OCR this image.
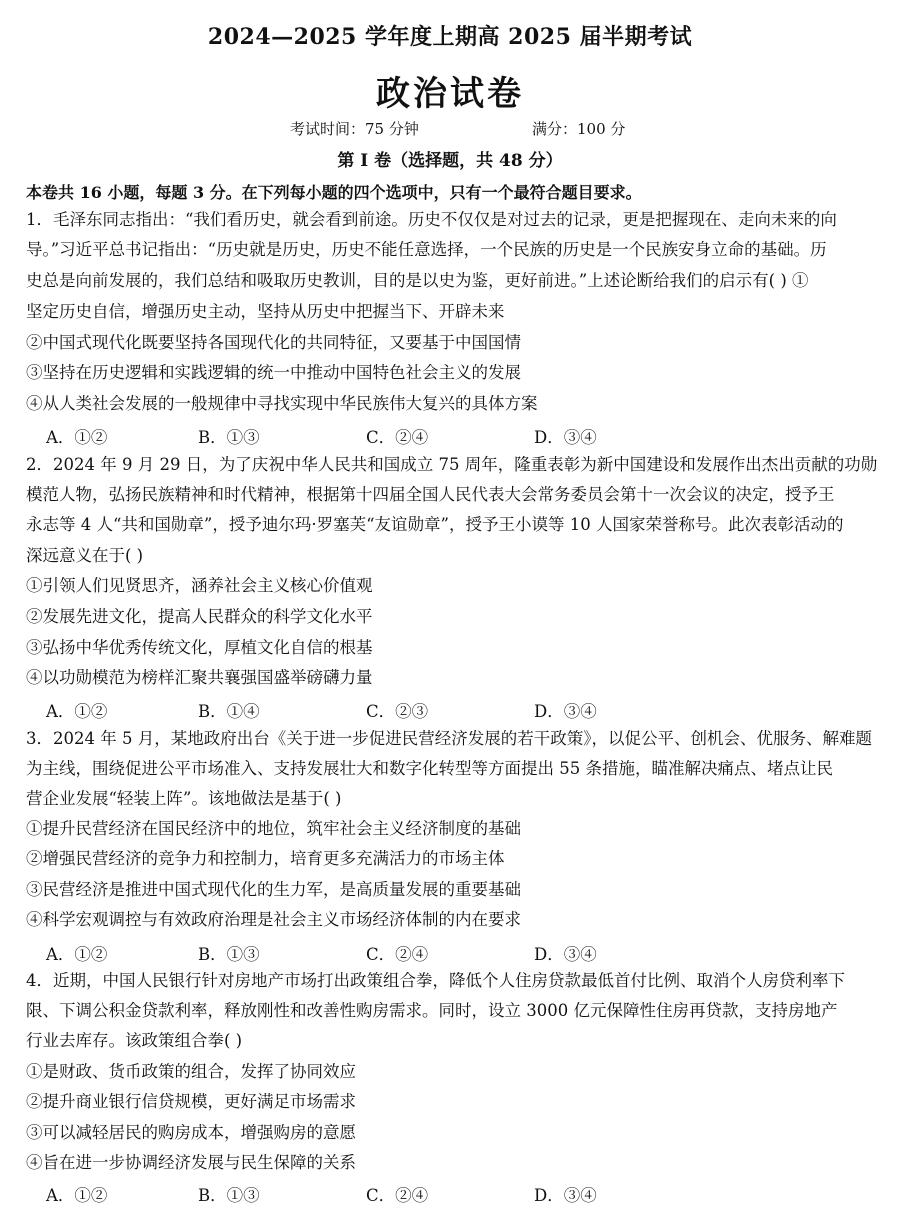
2024—2025 学年度上期高 2025 届半期考试
政治试卷
考试时间：75 分钟	满分：100 分
第 I 卷（选择题，共 48 分）
本卷共 16 小题，每题 3 分。在下列每小题的四个选项中，只有一个最符合题目要求。
1．毛泽东同志指出：“我们看历史，就会看到前途。历史不仅仅是对过去的记录，更是把握现在、走向未来的向
导。”习近平总书记指出：“历史就是历史，历史不能任意选择，一个民族的历史是一个民族安身立命的基础。历
史总是向前发展的，我们总结和吸取历史教训，目的是以史为鉴，更好前进。”上述论断给我们的启示有( ) ①
坚定历史自信，增强历史主动，坚持从历史中把握当下、开辟未来
②中国式现代化既要坚持各国现代化的共同特征，又要基于中国国情
③坚持在历史逻辑和实践逻辑的统一中推动中国特色社会主义的发展
④从人类社会发展的一般规律中寻找实现中华民族伟大复兴的具体方案
A．①②	B．①③	C．②④	D．③④
2．2024 年 9 月 29 日，为了庆祝中华人民共和国成立 75 周年，隆重表彰为新中国建设和发展作出杰出贡献的功勋
模范人物，弘扬民族精神和时代精神，根据第十四届全国人民代表大会常务委员会第十一次会议的决定，授予王
永志等 4 人“共和国勋章”，授予迪尔玛·罗塞芙“友谊勋章”，授予王小谟等 10 人国家荣誉称号。此次表彰活动的
深远意义在于( )
①引领人们见贤思齐，涵养社会主义核心价值观
②发展先进文化，提高人民群众的科学文化水平
③弘扬中华优秀传统文化，厚植文化自信的根基
④以功勋模范为榜样汇聚共襄强国盛举磅礴力量
A．①②	B．①④	C．②③	D．③④
3．2024 年 5 月，某地政府出台《关于进一步促进民营经济发展的若干政策》，以促公平、创机会、优服务、解难题
为主线，围绕促进公平市场准入、支持发展壮大和数字化转型等方面提出 55 条措施，瞄准解决痛点、堵点让民
营企业发展“轻装上阵”。该地做法是基于( )
①提升民营经济在国民经济中的地位，筑牢社会主义经济制度的基础
②增强民营经济的竞争力和控制力，培育更多充满活力的市场主体
③民营经济是推进中国式现代化的生力军，是高质量发展的重要基础
④科学宏观调控与有效政府治理是社会主义市场经济体制的内在要求
A．①②	B．①③	C．②④	D．③④
4．近期，中国人民银行针对房地产市场打出政策组合拳，降低个人住房贷款最低首付比例、取消个人房贷利率下
限、下调公积金贷款利率，释放刚性和改善性购房需求。同时，设立 3000 亿元保障性住房再贷款，支持房地产
行业去库存。该政策组合拳( )
①是财政、货币政策的组合，发挥了协同效应
②提升商业银行信贷规模，更好满足市场需求
③可以减轻居民的购房成本，增强购房的意愿
④旨在进一步协调经济发展与民生保障的关系
A．①②	B．①③	C．②④	D．③④
